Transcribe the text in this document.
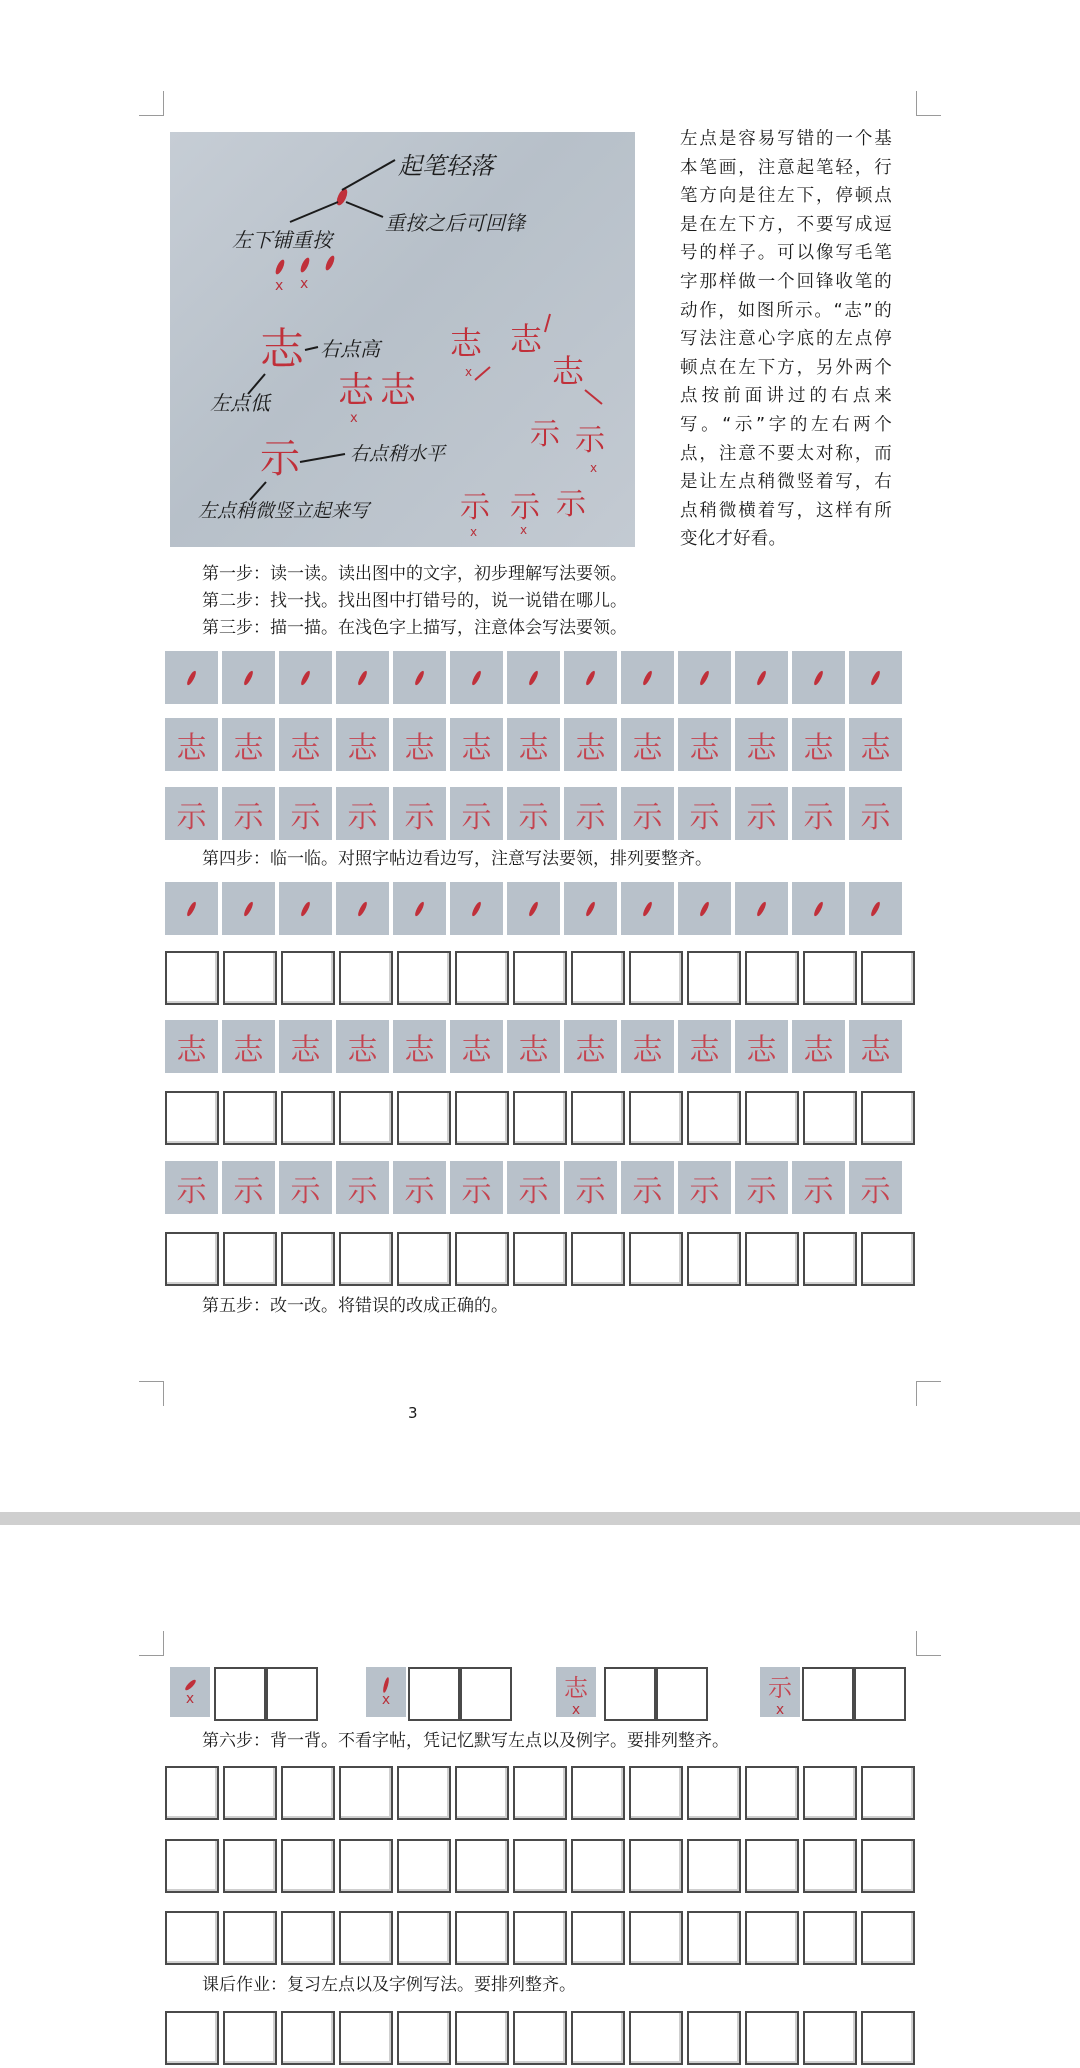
起笔轻落
重按之后可回锋
左下铺重按
x x
志 右点高
左点低 志 志
x
志 志
志
x
示	右点稍水平
左点稍微竖立起来写
示 示
示 示 示
x	x
x
左点是容易写错的一个基本笔画，注意起笔轻，行笔方向是往左下，停顿点是在左下方，不要写成逗号的样子。可以像写毛笔字那样做一个回锋收笔的动作，如图所示。“志”的写法注意心字底的左点停顿点在左下方，另外两个点按前面讲过的右点来写。“示”字的左右两个点，注意不要太对称，而是让左点稍微竖着写，右点稍微横着写，这样有所变化才好看。
第一步：读一读。读出图中的文字，初步理解写法要领。
第二步：找一找。找出图中打错号的，说一说错在哪儿。
第三步：描一描。在浅色字上描写，注意体会写法要领。
志 志 志 志 志 志 志 志 志 志 志 志 志
示 示 示 示 示 示 示 示 示 示 示 示 示
第四步：临一临。对照字帖边看边写，注意写法要领，排列要整齐。
志 志 志 志 志 志 志 志 志 志 志 志 志
示 示 示 示 示 示 示 示 示 示 示 示 示
第五步：改一改。将错误的改成正确的。
3
x	x	志
x
示
x
第六步：背一背。不看字帖，凭记忆默写左点以及例字。要排列整齐。
课后作业：复习左点以及字例写法。要排列整齐。
